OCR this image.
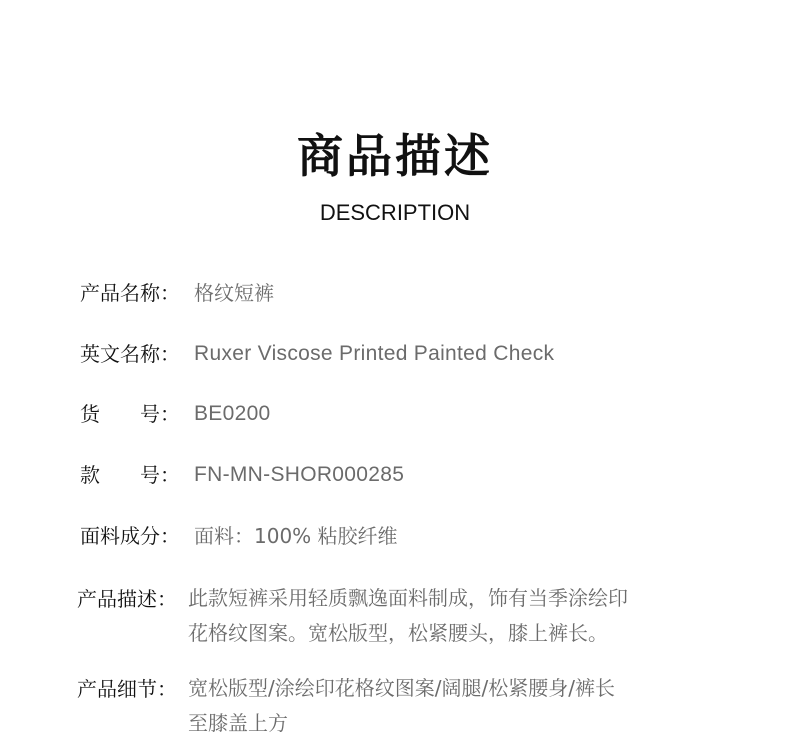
商品描述
DESCRIPTION
产品名称： 格纹短裤
英文名称： Ruxer Viscose Printed Painted Check
货　　号： BE0200
款　　号： FN-MN-SHOR000285
面料成分： 面料：100% 粘胶纤维
产品描述： 此款短裤采用轻质飘逸面料制成，饰有当季涂绘印
花格纹图案。宽松版型，松紧腰头，膝上裤长。
产品细节： 宽松版型/涂绘印花格纹图案/阔腿/松紧腰身/裤长
至膝盖上方
